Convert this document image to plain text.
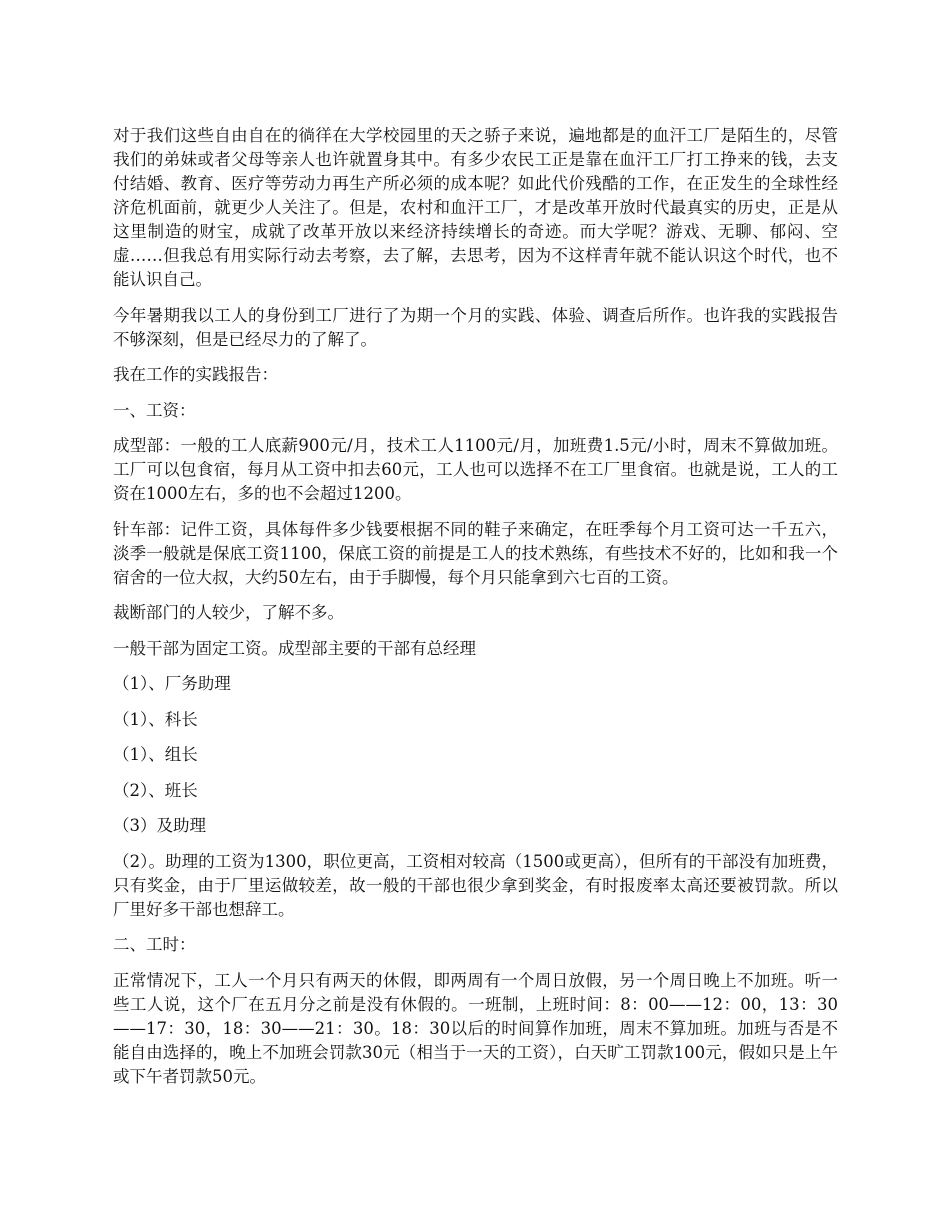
对于我们这些自由自在的徜徉在大学校园里的天之骄子来说，遍地都是的血汗工厂是陌生的，尽管我们的弟妹或者父母等亲人也许就置身其中。有多少农民工正是靠在血汗工厂打工挣来的钱，去支付结婚、教育、医疗等劳动力再生产所必须的成本呢？如此代价残酷的工作，在正发生的全球性经济危机面前，就更少人关注了。但是，农村和血汗工厂，才是改革开放时代最真实的历史，正是从这里制造的财宝，成就了改革开放以来经济持续增长的奇迹。而大学呢？游戏、无聊、郁闷、空虚……但我总有用实际行动去考察，去了解，去思考，因为不这样青年就不能认识这个时代，也不能认识自己。

今年暑期我以工人的身份到工厂进行了为期一个月的实践、体验、调查后所作。也许我的实践报告不够深刻，但是已经尽力的了解了。

我在工作的实践报告：

一、工资：

成型部：一般的工人底薪900元/月，技术工人1100元/月，加班费1.5元/小时，周末不算做加班。工厂可以包食宿，每月从工资中扣去60元，工人也可以选择不在工厂里食宿。也就是说，工人的工资在1000左右，多的也不会超过1200。

针车部：记件工资，具体每件多少钱要根据不同的鞋子来确定，在旺季每个月工资可达一千五六，淡季一般就是保底工资1100，保底工资的前提是工人的技术熟练，有些技术不好的，比如和我一个宿舍的一位大叔，大约50左右，由于手脚慢，每个月只能拿到六七百的工资。

裁断部门的人较少，了解不多。

一般干部为固定工资。成型部主要的干部有总经理

（1）、厂务助理

（1）、科长

（1）、组长

（2）、班长

（3）及助理

（2）。助理的工资为1300，职位更高，工资相对较高（1500或更高），但所有的干部没有加班费，只有奖金，由于厂里运做较差，故一般的干部也很少拿到奖金，有时报废率太高还要被罚款。所以厂里好多干部也想辞工。

二、工时：

正常情况下，工人一个月只有两天的休假，即两周有一个周日放假，另一个周日晚上不加班。听一些工人说，这个厂在五月分之前是没有休假的。一班制，上班时间：8：00——12：00，13：30——17：30，18：30——21：30。18：30以后的时间算作加班，周末不算加班。加班与否是不能自由选择的，晚上不加班会罚款30元（相当于一天的工资），白天旷工罚款100元，假如只是上午或下午者罚款50元。
